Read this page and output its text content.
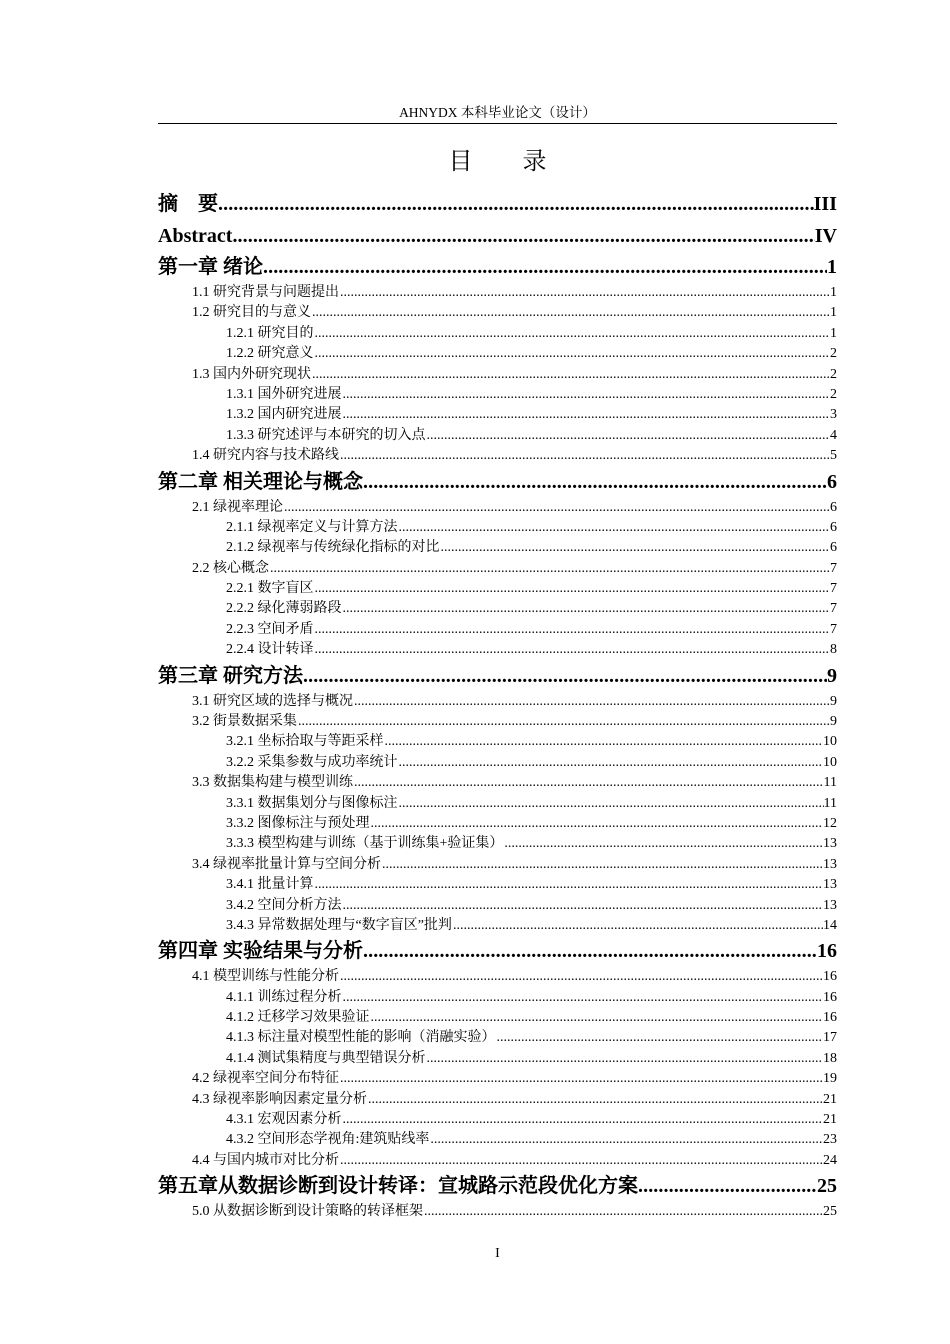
AHNYDX 本科毕业论文（设计）
目 录
摘　要 .....	III
Abstract .....	IV
第一章 绪论 .....	1
1.1 研究背景与问题提出 .....	1
1.2 研究目的与意义 .....	1
1.2.1 研究目的 .....	1
1.2.2 研究意义 .....	2
1.3 国内外研究现状 .....	2
1.3.1 国外研究进展 .....	2
1.3.2 国内研究进展 .....	3
1.3.3 研究述评与本研究的切入点 .....	4
1.4 研究内容与技术路线 .....	5
第二章 相关理论与概念 .....	6
2.1 绿视率理论 .....	6
2.1.1 绿视率定义与计算方法 .....	6
2.1.2 绿视率与传统绿化指标的对比 .....	6
2.2 核心概念 .....	7
2.2.1 数字盲区 .....	7
2.2.2 绿化薄弱路段 .....	7
2.2.3 空间矛盾 .....	7
2.2.4 设计转译 .....	8
第三章 研究方法 .....	9
3.1 研究区域的选择与概况 .....	9
3.2 街景数据采集 .....	9
3.2.1 坐标拾取与等距采样 .....	10
3.2.2 采集参数与成功率统计 .....	10
3.3 数据集构建与模型训练 .....	11
3.3.1 数据集划分与图像标注 .....	11
3.3.2 图像标注与预处理 .....	12
3.3.3 模型构建与训练（基于训练集+验证集） .....	13
3.4 绿视率批量计算与空间分析 .....	13
3.4.1 批量计算 .....	13
3.4.2 空间分析方法 .....	13
3.4.3 异常数据处理与“数字盲区”批判 .....	14
第四章 实验结果与分析 .....	16
4.1 模型训练与性能分析 .....	16
4.1.1 训练过程分析 .....	16
4.1.2 迁移学习效果验证 .....	16
4.1.3 标注量对模型性能的影响（消融实验） .....	17
4.1.4 测试集精度与典型错误分析 .....	18
4.2 绿视率空间分布特征 .....	19
4.3 绿视率影响因素定量分析 .....	21
4.3.1 宏观因素分析 .....	21
4.3.2 空间形态学视角:建筑贴线率 .....	23
4.4 与国内城市对比分析 .....	24
第五章从数据诊断到设计转译：宣城路示范段优化方案 .....	25
5.0 从数据诊断到设计策略的转译框架 .....	25
I
